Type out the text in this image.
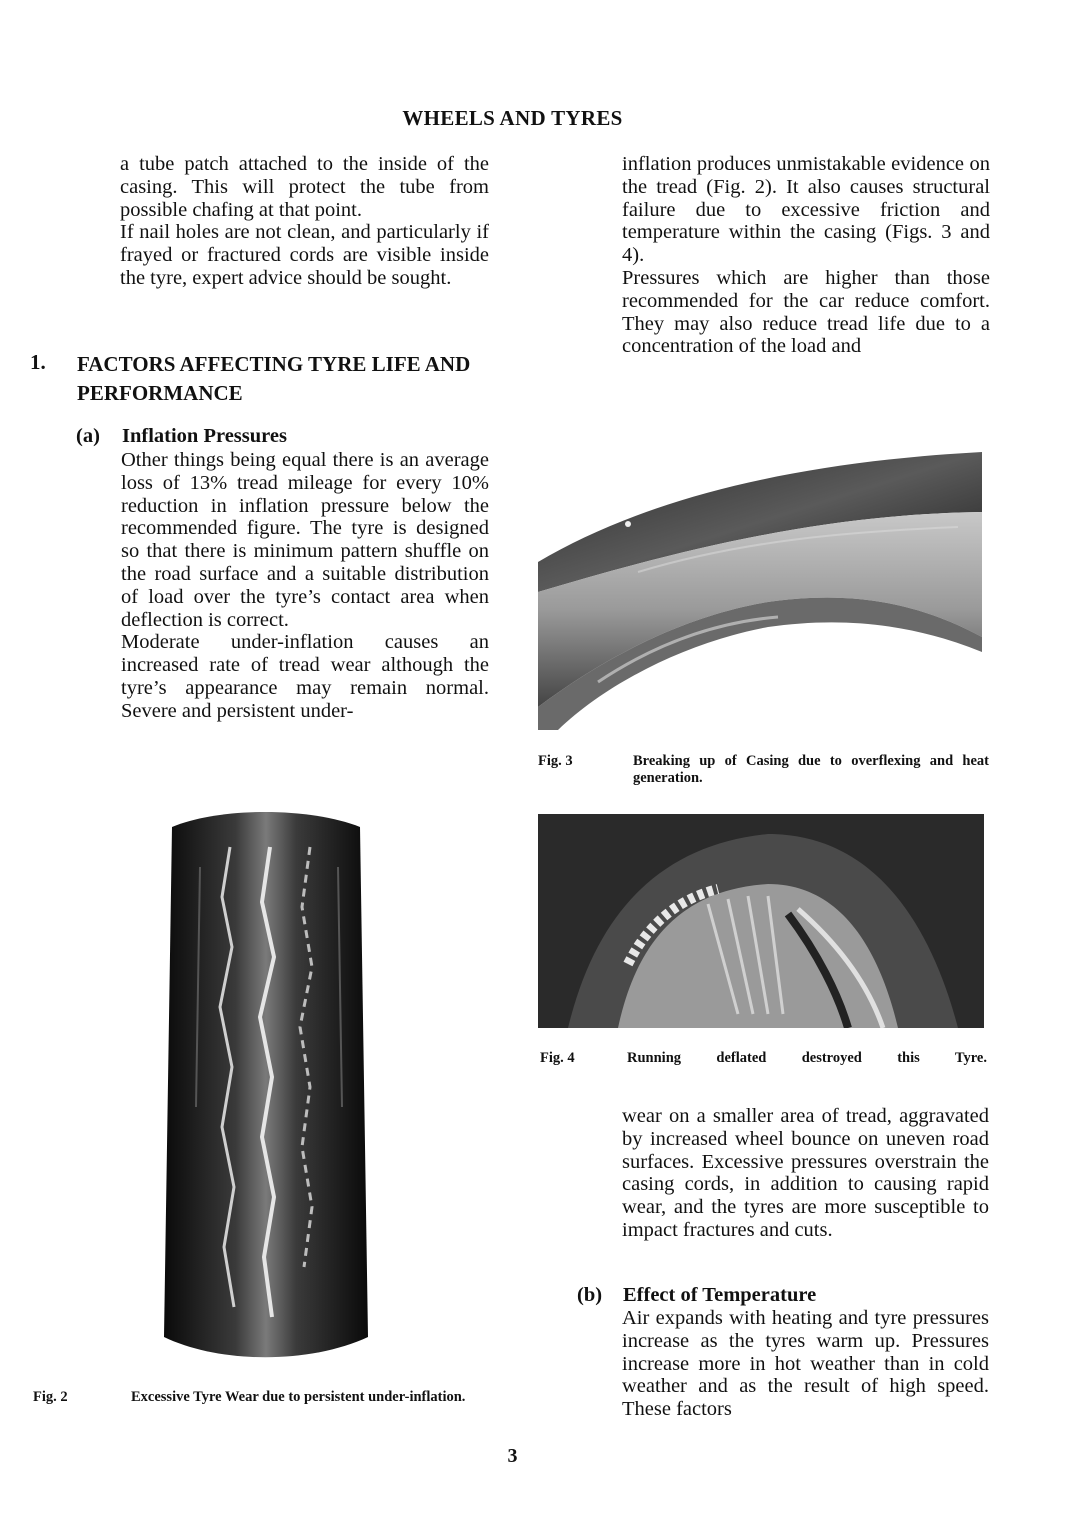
WHEELS AND TYRES

a tube patch attached to the inside of the casing. This will protect the tube from possible chafing at that point.

If nail holes are not clean, and particularly if frayed or fractured cords are visible inside the tyre, expert advice should be sought.

1. FACTORS AFFECTING TYRE LIFE AND PERFORMANCE
(a) Inflation Pressures

Other things being equal there is an average loss of 13% tread mileage for every 10% reduction in inflation pressure below the recommended figure. The tyre is designed so that there is minimum pattern shuffle on the road surface and a suitable distribution of load over the tyre’s contact area when deflection is correct.

Moderate under-inflation causes an increased rate of tread wear although the tyre’s appearance may remain normal. Severe and persistent under-

inflation produces unmistakable evidence on the tread (Fig. 2). It also causes structural failure due to excessive friction and temperature within the casing (Figs. 3 and 4).

Pressures which are higher than those recommended for the car reduce comfort. They may also reduce tread life due to a concentration of the load and

Fig. 3	Breaking up of Casing due to overflexing and heat generation.
Fig. 4	Running deflated destroyed this Tyre.
Fig. 2	Excessive Tyre Wear due to persistent under-inflation.

wear on a smaller area of tread, aggravated by increased wheel bounce on uneven road surfaces. Excessive pressures overstrain the casing cords, in addition to causing rapid wear, and the tyres are more susceptible to impact fractures and cuts.

(b) Effect of Temperature

Air expands with heating and tyre pressures increase as the tyres warm up. Pressures increase more in hot weather than in cold weather and as the result of high speed. These factors

3
